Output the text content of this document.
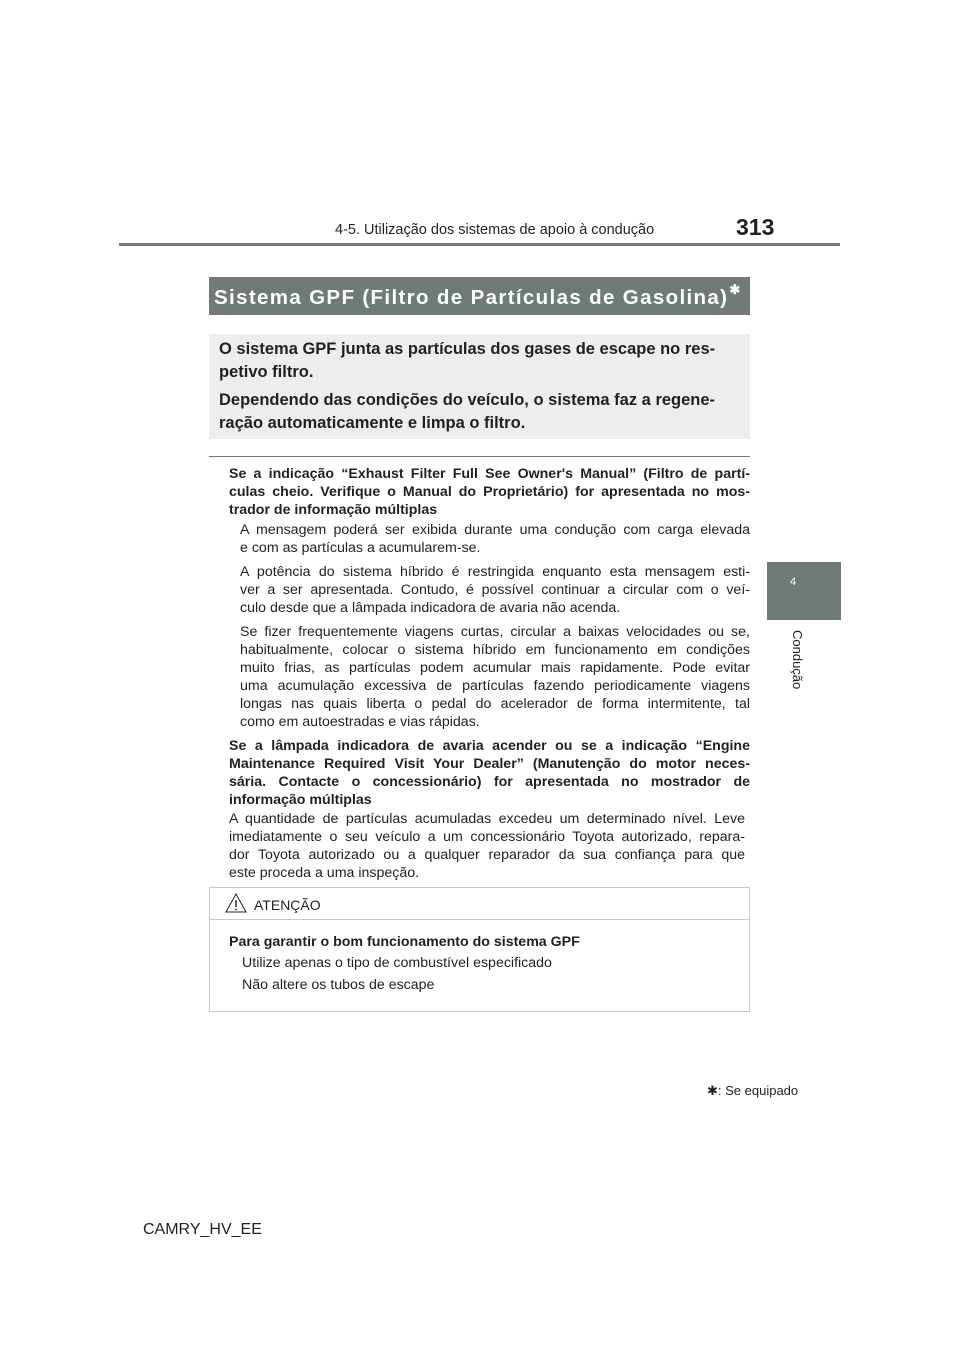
4-5. Utilização dos sistemas de apoio à condução	313
4
Condução
Sistema GPF (Filtro de Partículas de Gasolina)✱
O sistema GPF junta as partículas dos gases de escape no res-
petivo filtro.
Dependendo das condições do veículo, o sistema faz a regene-
ração automaticamente e limpa o filtro.
Se a indicação “Exhaust Filter Full See Owner's Manual” (Filtro de partí-
culas cheio. Verifique o Manual do Proprietário) for apresentada no mos-
trador de informação múltiplas
A mensagem poderá ser exibida durante uma condução com carga elevada
e com as partículas a acumularem-se.
A potência do sistema híbrido é restringida enquanto esta mensagem esti-
ver a ser apresentada. Contudo, é possível continuar a circular com o veí-
culo desde que a lâmpada indicadora de avaria não acenda.
Se fizer frequentemente viagens curtas, circular a baixas velocidades ou se,
habitualmente, colocar o sistema híbrido em funcionamento em condições
muito frias, as partículas podem acumular mais rapidamente. Pode evitar
uma acumulação excessiva de partículas fazendo periodicamente viagens
longas nas quais liberta o pedal do acelerador de forma intermitente, tal
como em autoestradas e vias rápidas.
Se a lâmpada indicadora de avaria acender ou se a indicação “Engine
Maintenance Required Visit Your Dealer” (Manutenção do motor neces-
sária. Contacte o concessionário) for apresentada no mostrador de
informação múltiplas
A quantidade de partículas acumuladas excedeu um determinado nível. Leve
imediatamente o seu veículo a um concessionário Toyota autorizado, repara-
dor Toyota autorizado ou a qualquer reparador da sua confiança para que
este proceda a uma inspeção.
ATENÇÃO
Para garantir o bom funcionamento do sistema GPF
Utilize apenas o tipo de combustível especificado
Não altere os tubos de escape
✱: Se equipado
CAMRY_HV_EE
